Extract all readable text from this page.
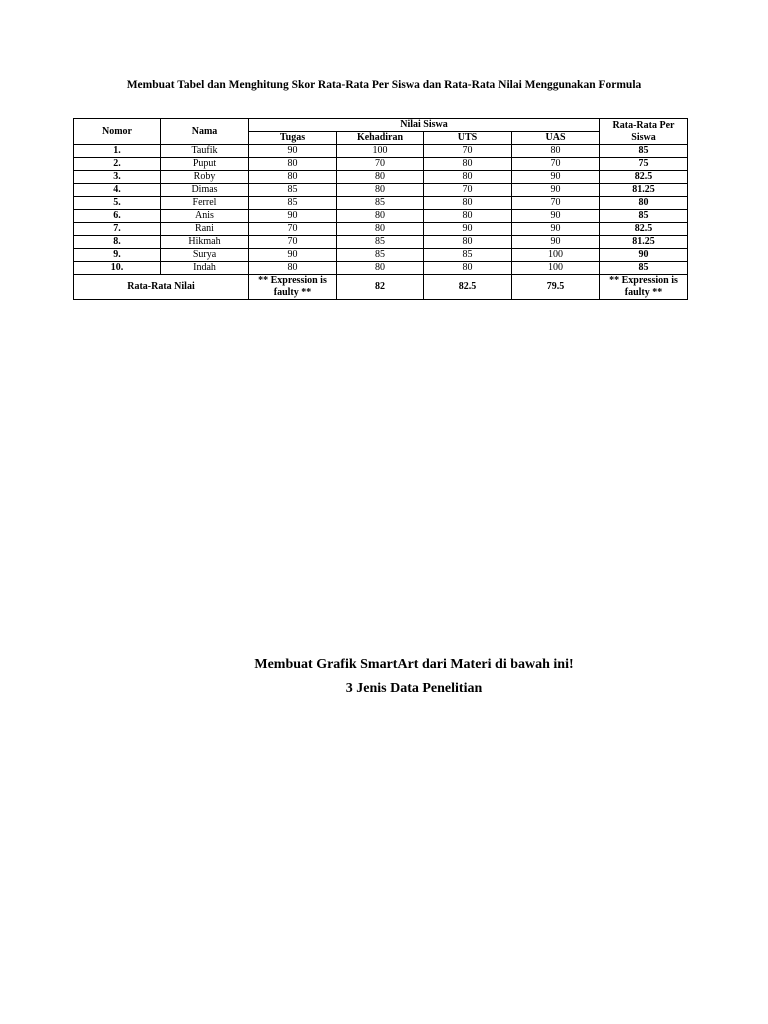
Membuat Tabel dan Menghitung Skor Rata-Rata Per Siswa dan Rata-Rata Nilai Menggunakan Formula
Nomor	Nama	Nilai Siswa				Rata-Rata Per Siswa
		Tugas	Kehadiran	UTS	UAS	
1.	Taufik	90	100	70	80	85
2.	Puput	80	70	80	70	75
3.	Roby	80	80	80	90	82.5
4.	Dimas	85	80	70	90	81.25
5.	Ferrel	85	85	80	70	80
6.	Anis	90	80	80	90	85
7.	Rani	70	80	90	90	82.5
8.	Hikmah	70	85	80	90	81.25
9.	Surya	90	85	85	100	90
10.	Indah	80	80	80	100	85
Rata-Rata Nilai		** Expression is faulty **	82	82.5	79.5	** Expression is faulty **
Membuat Grafik SmartArt dari Materi di bawah ini!
3 Jenis Data Penelitian
